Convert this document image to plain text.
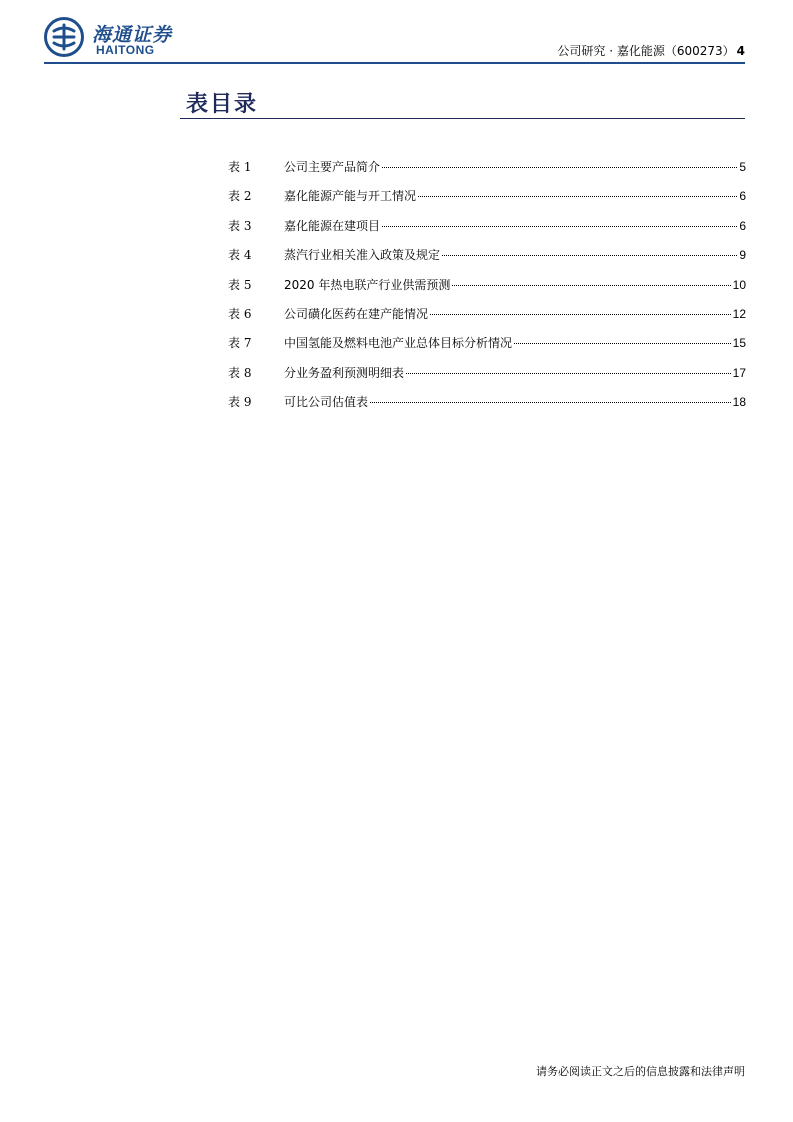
海通证券
HAITONG	公司研究 · 嘉化能源（600273） 4
表目录
表 1	公司主要产品简介	5
表 2	嘉化能源产能与开工情况	6
表 3	嘉化能源在建项目	6
表 4	蒸汽行业相关准入政策及规定	9
表 5	2020 年热电联产行业供需预测	10
表 6	公司磺化医药在建产能情况	12
表 7	中国氢能及燃料电池产业总体目标分析情况	15
表 8	分业务盈利预测明细表	17
表 9	可比公司估值表	18
请务必阅读正文之后的信息披露和法律声明
